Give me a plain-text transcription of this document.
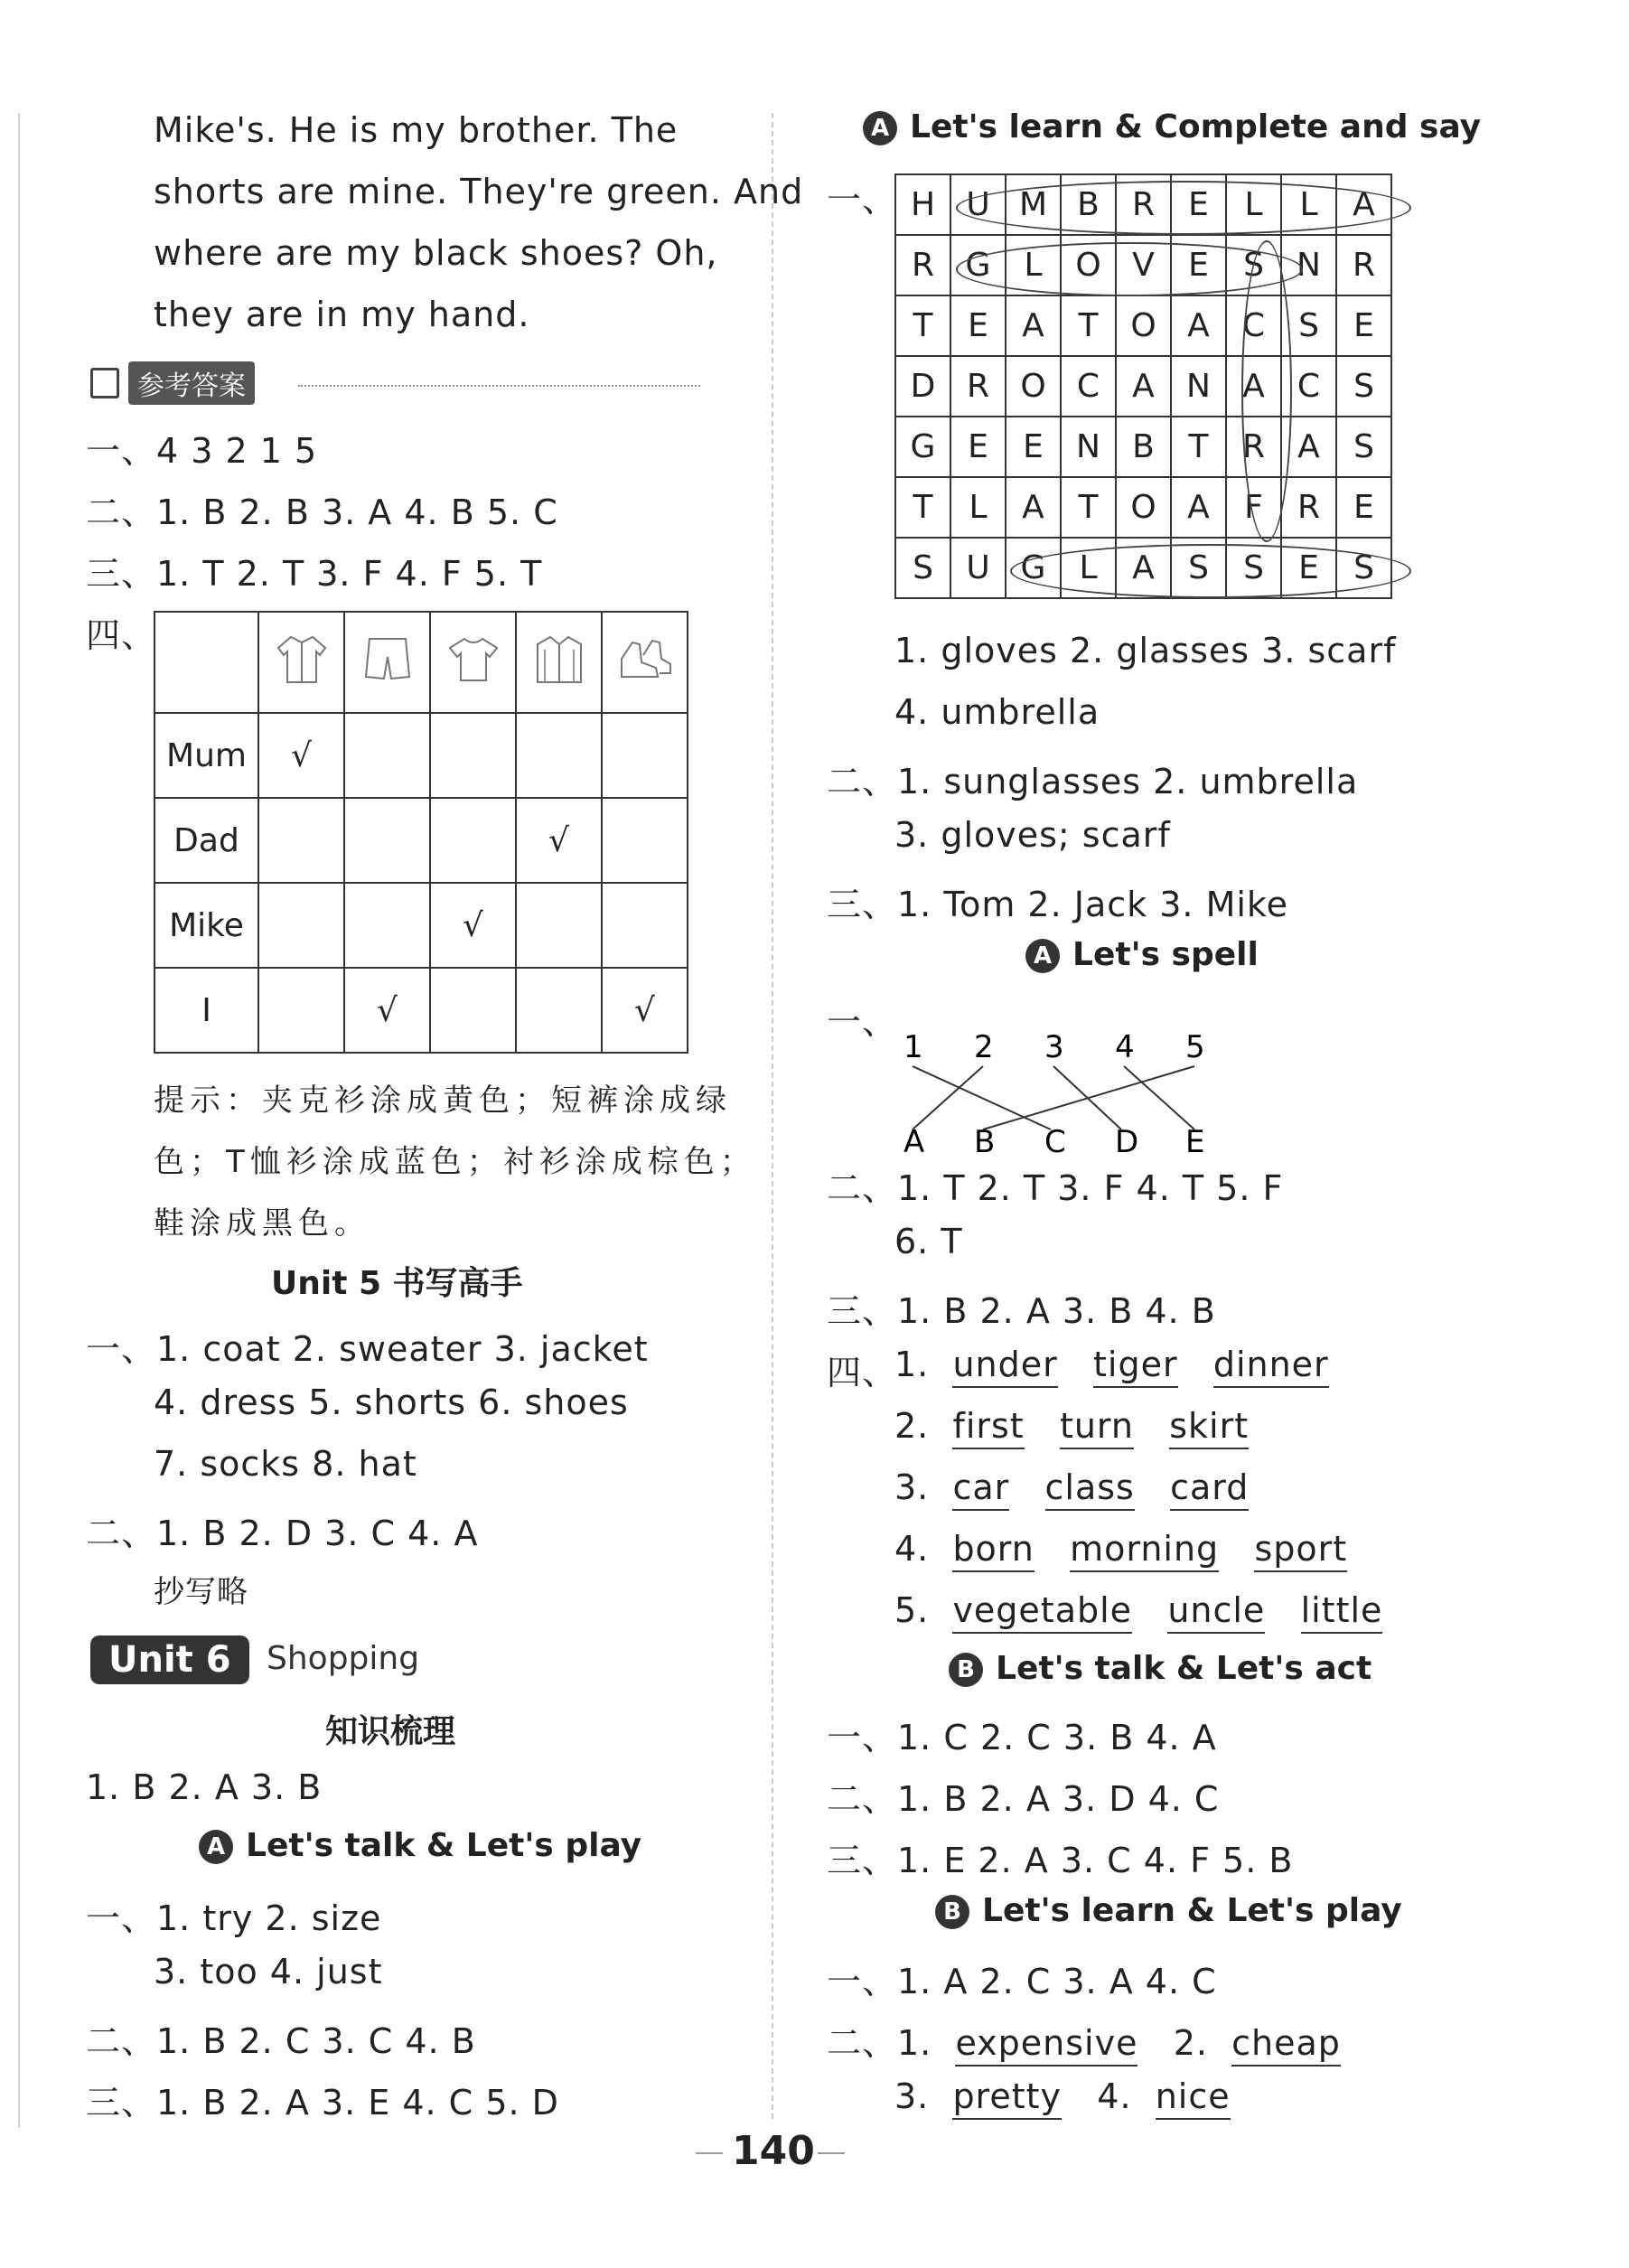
Mike's. He is my brother. The
shorts are mine. They're green. And
where are my black shoes? Oh,
they are in my hand.
参考答案
一、4 3 2 1 5
二、1. B 2. B 3. A 4. B 5. C
三、1. T 2. T 3. F 4. F 5. T
四、

Mum	√				
Dad				√	
Mike			√		
I		√			√
提示：夹克衫涂成黄色；短裤涂成绿
色；T恤衫涂成蓝色；衬衫涂成棕色；
鞋涂成黑色。
Unit 5 书写高手
一、1. coat 2. sweater 3. jacket
4. dress 5. shorts 6. shoes
7. socks 8. hat
二、1. B 2. D 3. C 4. A
抄写略
Unit 6	Shopping
知识梳理
1. B 2. A 3. B
A Let's talk & Let's play
一、1. try 2. size
3. too 4. just
二、1. B 2. C 3. C 4. B
三、1. B 2. A 3. E 4. C 5. D
A Let's learn & Complete and say
一、 H	U	M	B	R	E	L	L	A
R	G	L	O	V	E	S	N	R
T	E	A	T	O	A	C	S	E
D	R	O	C	A	N	A	C	S
G	E	E	N	B	T	R	A	S
T	L	A	T	O	A	F	R	E
S	U	G	L	A	S	S	E	S
1. gloves 2. glasses 3. scarf
4. umbrella
二、1. sunglasses 2. umbrella
3. gloves; scarf
三、1. Tom 2. Jack 3. Mike
A Let's spell
一、
1 2 3 4 5
A B C D E
二、1. T 2. T 3. F 4. T 5. F
6. T
三、1. B 2. A 3. B 4. B
四、
1. under tiger dinner
2. first turn skirt
3. car class card
4. born morning sport
5. vegetable uncle little
B Let's talk & Let's act
一、1. C 2. C 3. B 4. A
二、1. B 2. A 3. D 4. C
三、1. E 2. A 3. C 4. F 5. B
B Let's learn & Let's play
一、1. A 2. C 3. A 4. C
二、1. expensive 2. cheap
3. pretty 4. nice
140
